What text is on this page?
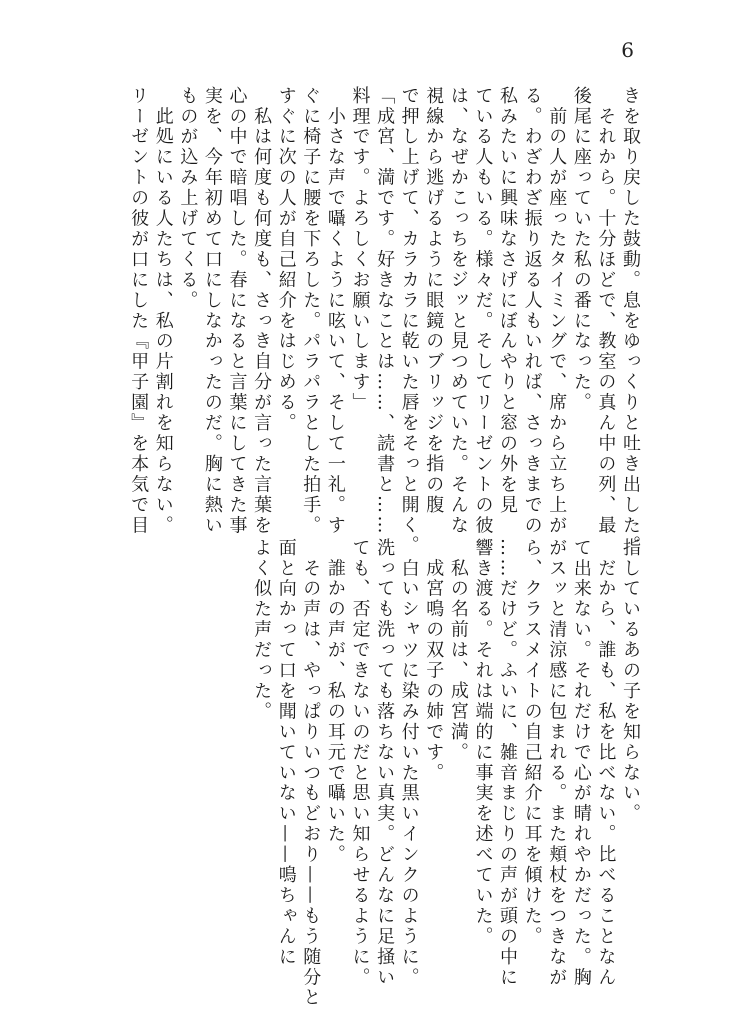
6
きを取り戻した鼓動。息をゆっくりと吐き出した。
　それから。十分ほどで、教室の真ん中の列、最
後尾に座っていた私の番になった。
　前の人が座ったタイミングで、席から立ち上が
る。わざわざ振り返る人もいれば、さっきまでの
私みたいに興味なさげにぼんやりと窓の外を見
ている人もいる。様々だ。そしてリーゼントの彼
は、なぜかこっちをジッと見つめていた。そんな
視線から逃げるように眼鏡のブリッジを指の腹
で押し上げて、カラカラに乾いた唇をそっと開く。
「成宮、満です。好きなことは……、読書と……
料理です。よろしくお願いします」
　小さな声で囁くように呟いて、そして一礼。す
ぐに椅子に腰を下ろした。パラパラとした拍手。
すぐに次の人が自己紹介をはじめる。
　私は何度も何度も、さっき自分が言った言葉を
心の中で暗唱した。春になると言葉にしてきた事
実を、今年初めて口にしなかったのだ。胸に熱い
ものが込み上げてくる。
　此処にいる人たちは、私の片割れを知らない。
リーゼントの彼が口にした『甲子園』を本気で目
指しているあの子を知らない。
　だから、誰も、私を比べない。比べることなん
て出来ない。それだけで心が晴れやかだった。胸
がスッと清涼感に包まれる。また頬杖をつきなが
ら、クラスメイトの自己紹介に耳を傾けた。
……だけど。ふいに、雑音まじりの声が頭の中に
響き渡る。それは端的に事実を述べていた。
　私の名前は、成宮満。
　成宮鳴の双子の姉です。
　白いシャツに染み付いた黒いインクのように。
洗っても洗っても落ちない真実。どんなに足掻い
ても、否定できないのだと思い知らせるように。
　誰かの声が、私の耳元で囁いた。
　その声は、やっぱりいつもどおり——もう随分と
面と向かって口を聞いていない——鳴ちゃんに
よく似た声だった。
